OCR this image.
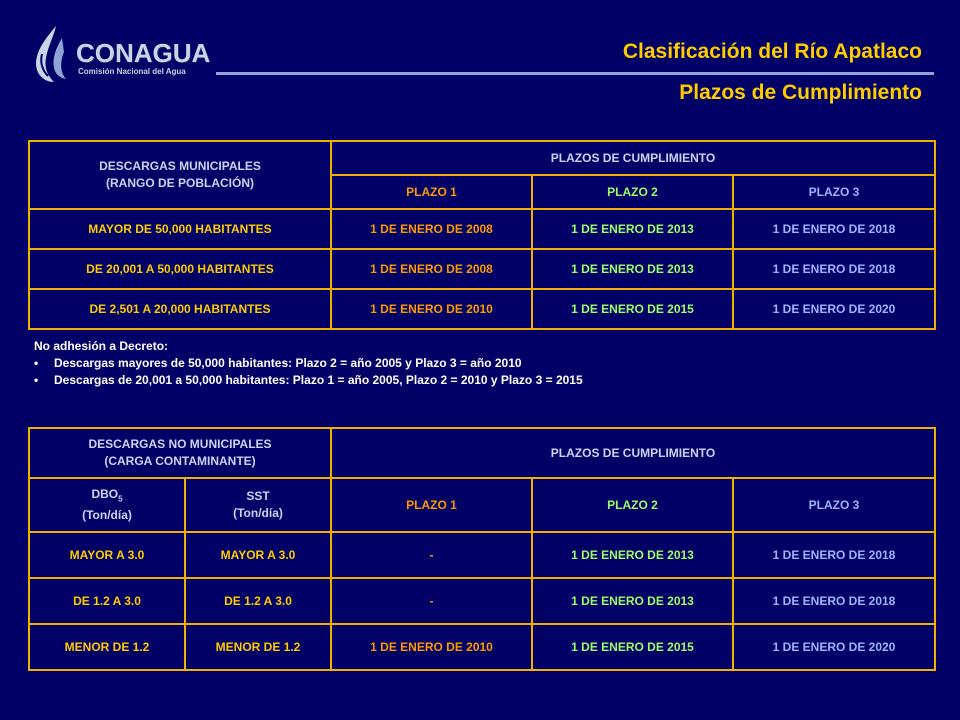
CONAGUA
Comisión Nacional del Agua
Clasificación del Río Apatlaco
Plazos de Cumplimiento
DESCARGAS MUNICIPALES
(RANGO DE POBLACIÓN)	PLAZOS DE CUMPLIMIENTO		
	PLAZO 1	PLAZO 2	PLAZO 3
MAYOR DE 50,000 HABITANTES	1 DE ENERO DE 2008	1 DE ENERO DE 2013	1 DE ENERO DE 2018
DE 20,001 A 50,000 HABITANTES	1 DE ENERO DE 2008	1 DE ENERO DE 2013	1 DE ENERO DE 2018
DE 2,501 A 20,000 HABITANTES	1 DE ENERO DE 2010	1 DE ENERO DE 2015	1 DE ENERO DE 2020
No adhesión a Decreto:
• Descargas mayores de 50,000 habitantes: Plazo 2 = año 2005 y Plazo 3 = año 2010
• Descargas de 20,001 a 50,000 habitantes: Plazo 1 = año 2005, Plazo 2 = 2010 y Plazo 3 = 2015
DESCARGAS NO MUNICIPALES
(CARGA CONTAMINANTE)		PLAZOS DE CUMPLIMIENTO		
$DBO_5$
(Ton/día)	SST
(Ton/día)	PLAZO 1	PLAZO 2	PLAZO 3
MAYOR A 3.0	MAYOR A 3.0	-	1 DE ENERO DE 2013	1 DE ENERO DE 2018
DE 1.2 A 3.0	DE 1.2 A 3.0	-	1 DE ENERO DE 2013	1 DE ENERO DE 2018
MENOR DE 1.2	MENOR DE 1.2	1 DE ENERO DE 2010	1 DE ENERO DE 2015	1 DE ENERO DE 2020
